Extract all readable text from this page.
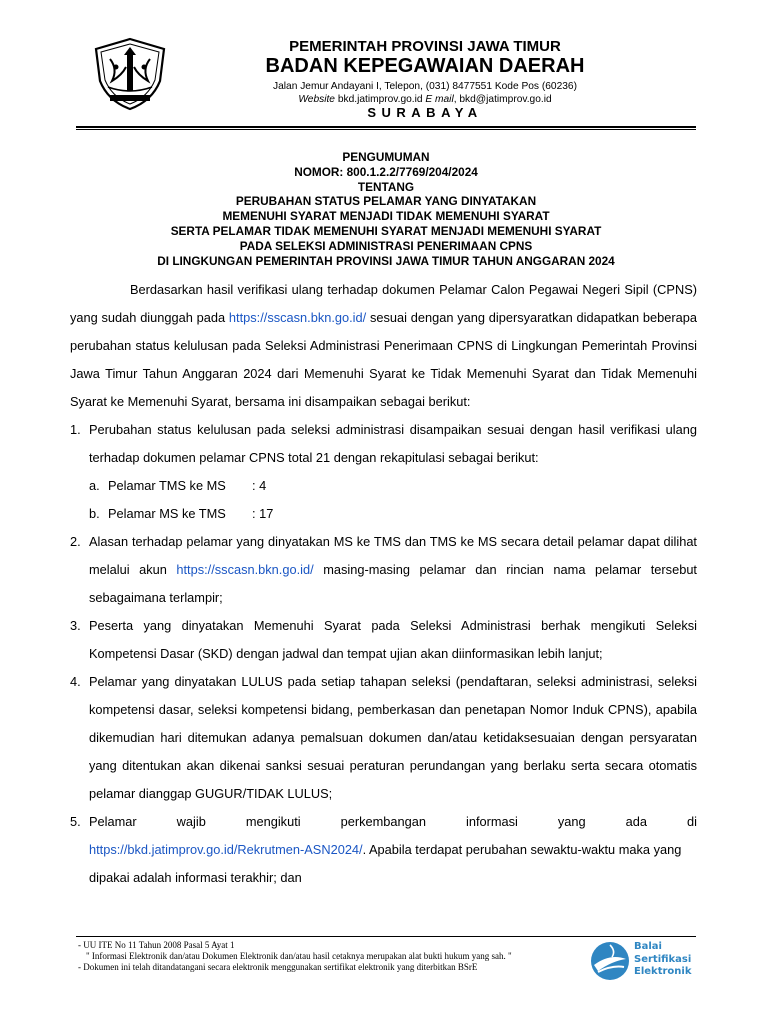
PEMERINTAH PROVINSI JAWA TIMUR
BADAN KEPEGAWAIAN DAERAH
Jalan Jemur Andayani I, Telepon, (031) 8477551 Kode Pos (60236)
Website bkd.jatimprov.go.id E mail, bkd@jatimprov.go.id
SURABAYA
PENGUMUMAN
NOMOR: 800.1.2.2/7769/204/2024
TENTANG
PERUBAHAN STATUS PELAMAR YANG DINYATAKAN
MEMENUHI SYARAT MENJADI TIDAK MEMENUHI SYARAT
SERTA PELAMAR TIDAK MEMENUHI SYARAT MENJADI MEMENUHI SYARAT
PADA SELEKSI ADMINISTRASI PENERIMAAN CPNS
DI LINGKUNGAN PEMERINTAH PROVINSI JAWA TIMUR TAHUN ANGGARAN 2024

Berdasarkan hasil verifikasi ulang terhadap dokumen Pelamar Calon Pegawai Negeri Sipil (CPNS) yang sudah diunggah pada https://sscasn.bkn.go.id/ sesuai dengan yang dipersyaratkan didapatkan beberapa perubahan status kelulusan pada Seleksi Administrasi Penerimaan CPNS di Lingkungan Pemerintah Provinsi Jawa Timur Tahun Anggaran 2024 dari Memenuhi Syarat ke Tidak Memenuhi Syarat dan Tidak Memenuhi Syarat ke Memenuhi Syarat, bersama ini disampaikan sebagai berikut:

1. Perubahan status kelulusan pada seleksi administrasi disampaikan sesuai dengan hasil verifikasi ulang terhadap dokumen pelamar CPNS total 21 dengan rekapitulasi sebagai berikut:
a. Pelamar TMS ke MS : 4
b. Pelamar MS ke TMS : 17
2. Alasan terhadap pelamar yang dinyatakan MS ke TMS dan TMS ke MS secara detail pelamar dapat dilihat melalui akun https://sscasn.bkn.go.id/ masing-masing pelamar dan rincian nama pelamar tersebut sebagaimana terlampir;
3. Peserta yang dinyatakan Memenuhi Syarat pada Seleksi Administrasi berhak mengikuti Seleksi Kompetensi Dasar (SKD) dengan jadwal dan tempat ujian akan diinformasikan lebih lanjut;
4. Pelamar yang dinyatakan LULUS pada setiap tahapan seleksi (pendaftaran, seleksi administrasi, seleksi kompetensi dasar, seleksi kompetensi bidang, pemberkasan dan penetapan Nomor Induk CPNS), apabila dikemudian hari ditemukan adanya pemalsuan dokumen dan/atau ketidaksesuaian dengan persyaratan yang ditentukan akan dikenai sanksi sesuai peraturan perundangan yang berlaku serta secara otomatis pelamar dianggap GUGUR/TIDAK LULUS;
5. Pelamar wajib mengikuti perkembangan informasi yang ada di
https://bkd.jatimprov.go.id/Rekrutmen-ASN2024/. Apabila terdapat perubahan sewaktu-waktu maka yang dipakai adalah informasi terakhir; dan
- UU ITE No 11 Tahun 2008 Pasal 5 Ayat 1
" Informasi Elektronik dan/atau Dokumen Elektronik dan/atau hasil cetaknya merupakan alat bukti hukum yang sah. "
- Dokumen ini telah ditandatangani secara elektronik menggunakan sertifikat elektronik yang diterbitkan BSrE
Balai
Sertifikasi
Elektronik
